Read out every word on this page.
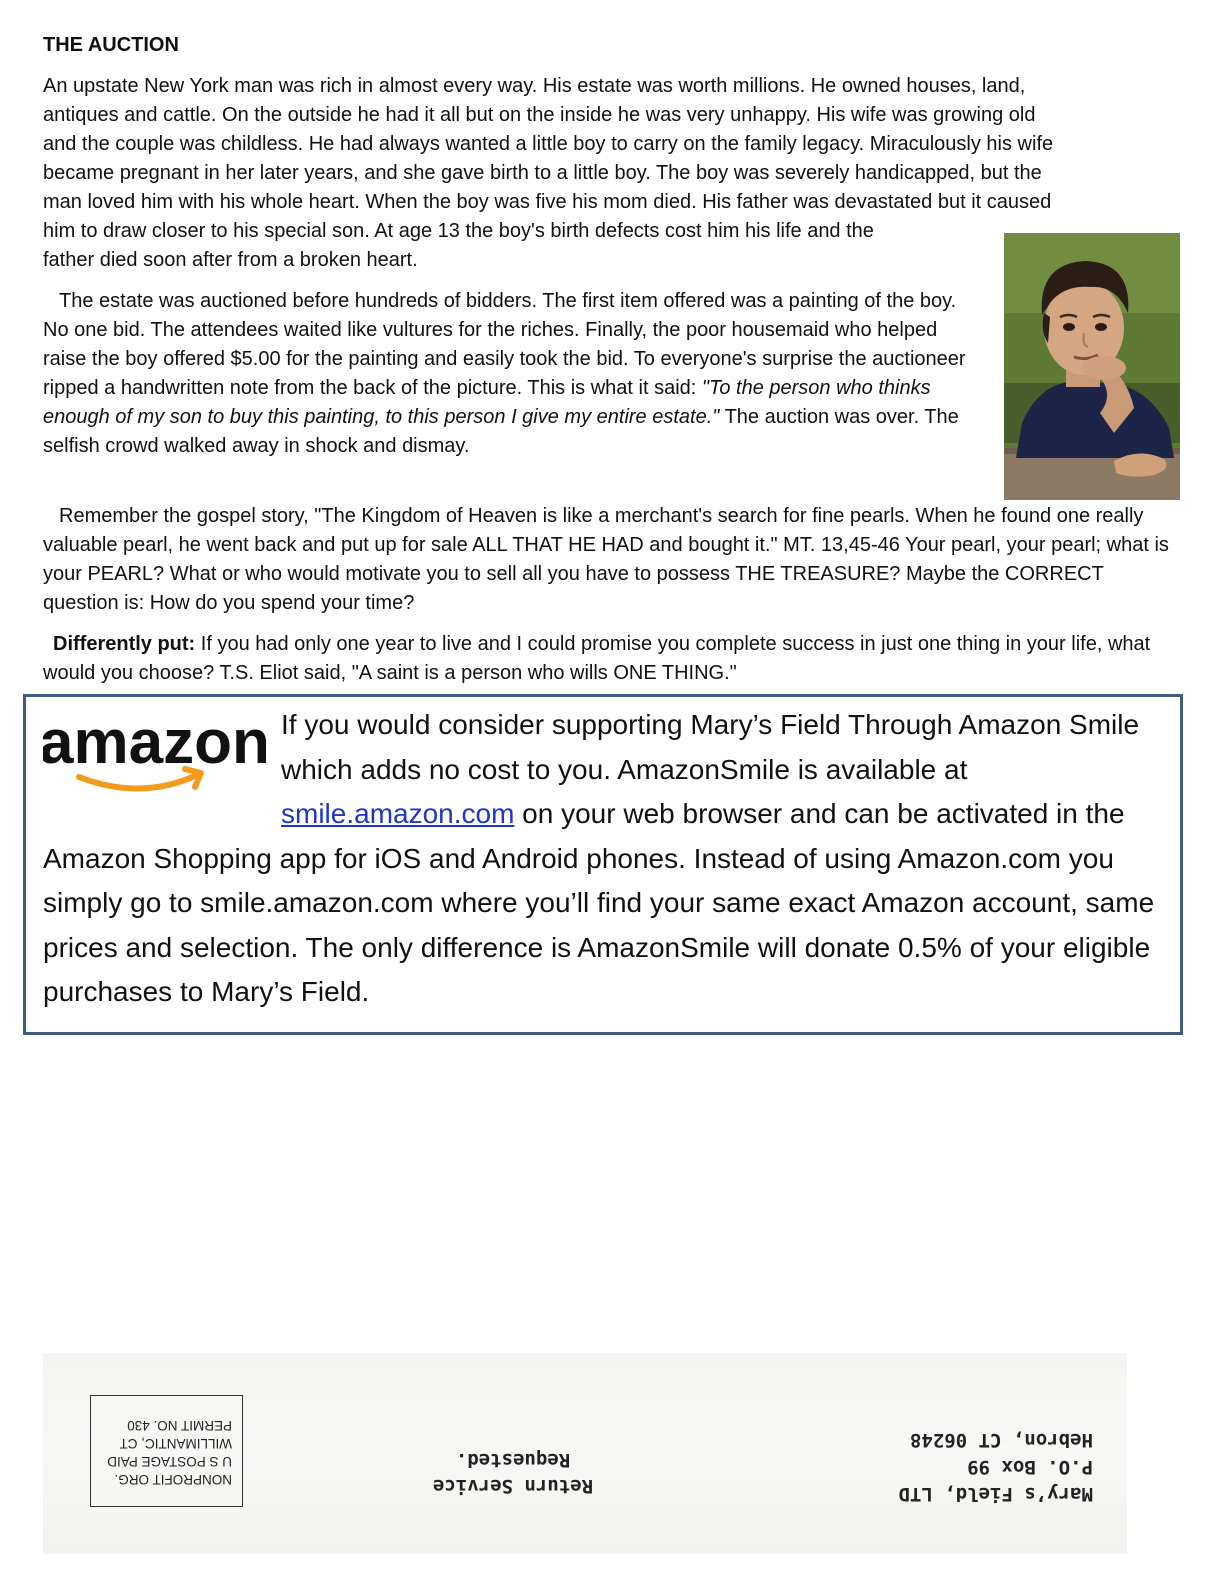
THE AUCTION

An upstate New York man was rich in almost every way. His estate was worth millions. He owned houses, land,
antiques and cattle. On the outside he had it all but on the inside he was very unhappy. His wife was growing old
and the couple was childless. He had always wanted a little boy to carry on the family legacy. Miraculously his wife
became pregnant in her later years, and she gave birth to a little boy. The boy was severely handicapped, but the
man loved him with his whole heart. When the boy was five his mom died. His father was devastated but it caused
him to draw closer to his special son. At age 13 the boy's birth defects cost him his life and the
father died soon after from a broken heart.

The estate was auctioned before hundreds of bidders. The first item offered was a painting of the boy. No one bid. The attendees waited like vultures for the riches. Finally, the poor housemaid who helped raise the boy offered $5.00 for the painting and easily took the bid. To everyone's surprise the auctioneer ripped a handwritten note from the back of the picture. This is what it said: "To the person who thinks enough of my son to buy this painting, to this person I give my entire estate." The auction was over. The selfish crowd walked away in shock and dismay.

Remember the gospel story, "The Kingdom of Heaven is like a merchant's search for fine pearls. When he found one really valuable pearl, he went back and put up for sale ALL THAT HE HAD and bought it." MT. 13,45-46 Your pearl, your pearl; what is your PEARL? What or who would motivate you to sell all you have to possess THE TREASURE? Maybe the CORRECT question is: How do you spend your time?

Differently put: If you had only one year to live and I could promise you complete success in just one thing in your life, what would you choose? T.S. Eliot said, "A saint is a person who wills ONE THING."

amazon If you would consider supporting Mary’s Field Through Amazon Smile which adds no cost to you. AmazonSmile is available at smile.amazon.com on your web browser and can be activated in the Amazon Shopping app for iOS and Android phones. Instead of using Amazon.com you simply go to smile.amazon.com where you’ll find your same exact Amazon account, same prices and selection. The only difference is AmazonSmile will donate 0.5% of your eligible purchases to Mary’s Field.

NONPROFIT ORG.
U S POSTAGE PAID
WILLIMANTIC, CT
PERMIT NO. 430
Return Service
Requested.
Mary’s Field, LTD
P.O. Box 99
Hebron, CT 06248
